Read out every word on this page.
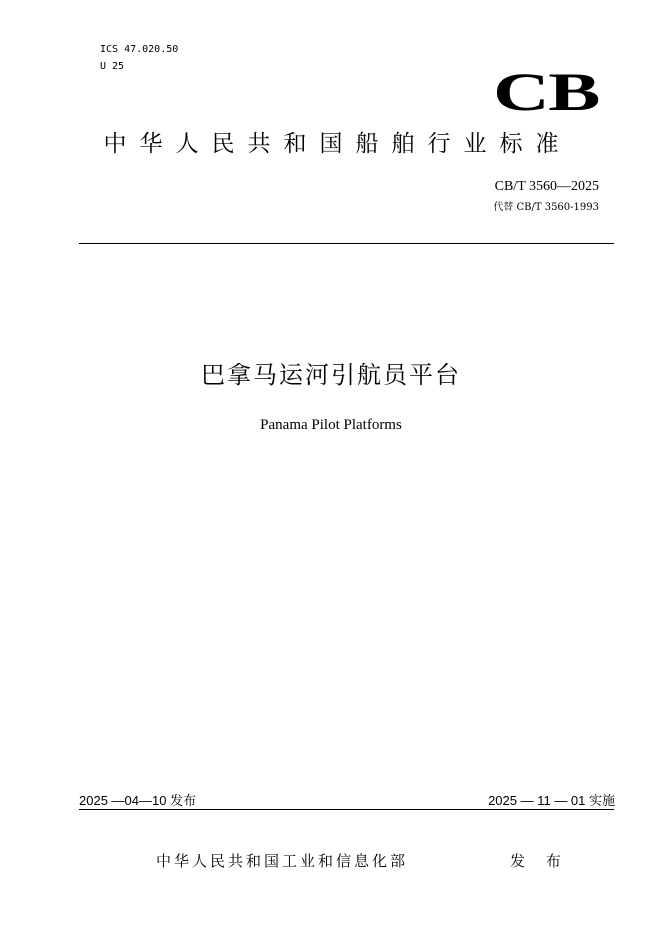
ICS 47.020.50
U 25	CB
中华人民共和国船舶行业标准
CB/T 3560—2025
代替 CB/T 3560-1993
巴拿马运河引航员平台
Panama Pilot Platforms
2025 —04—10 发布	2025 — 11 — 01 实施
中华人民共和国工业和信息化部	发 布
